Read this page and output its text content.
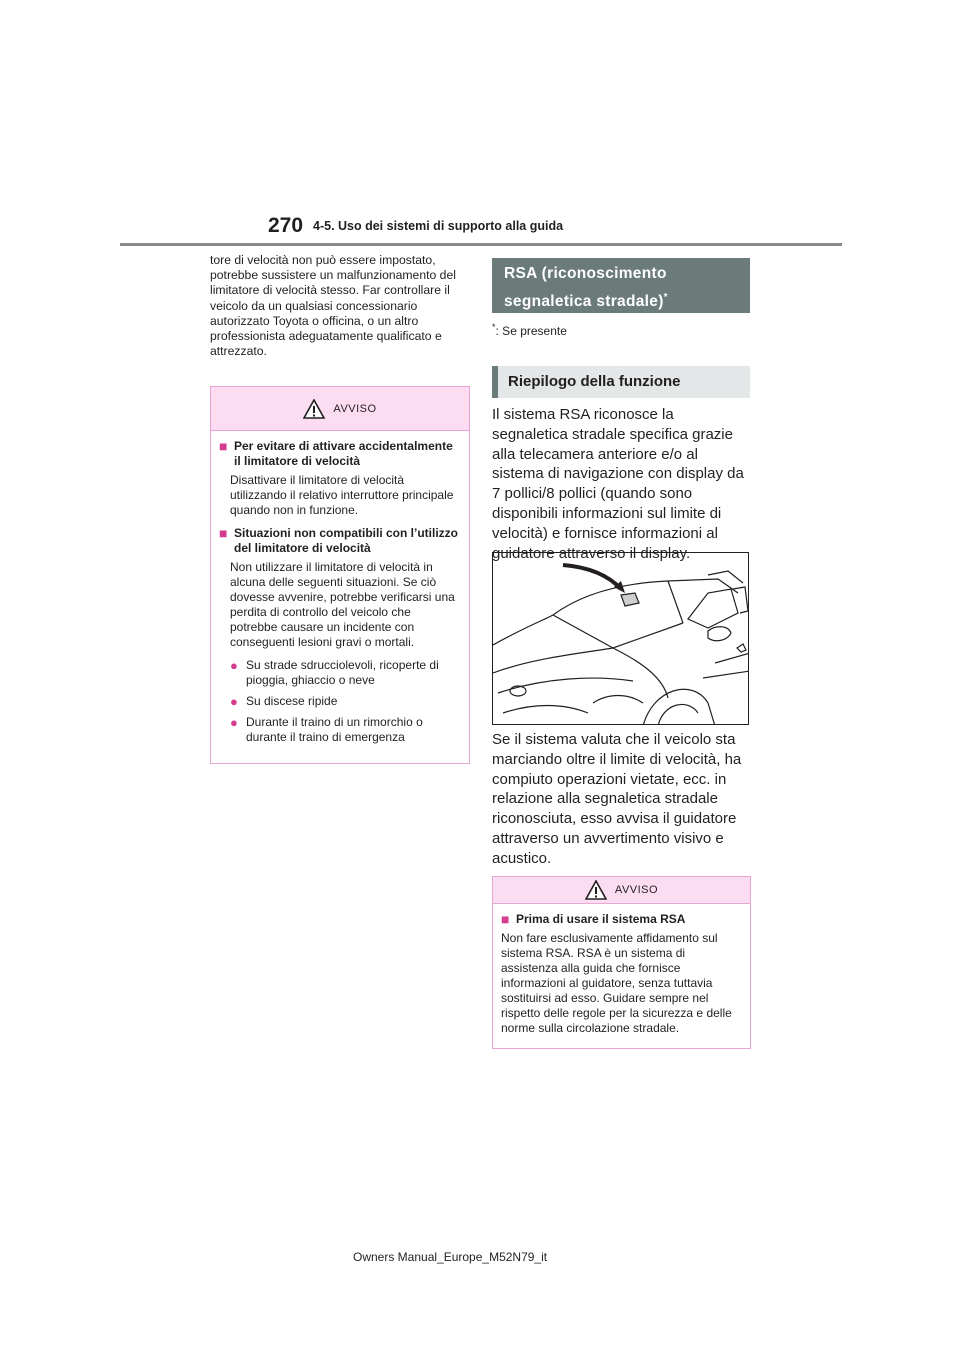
270 4-5. Uso dei sistemi di supporto alla guida

tore di velocità non può essere impostato, potrebbe sussistere un malfunzionamento del limitatore di velocità stesso. Far controllare il veicolo da un qualsiasi concessionario autorizzato Toyota o officina, o un altro professionista adeguatamente qualificato e attrezzato.

AVVISO
■ Per evitare di attivare accidentalmente il limitatore di velocità

Disattivare il limitatore di velocità utilizzando il relativo interruttore principale quando non in funzione.

■ Situazioni non compatibili con l’utilizzo del limitatore di velocità

Non utilizzare il limitatore di velocità in alcuna delle seguenti situazioni. Se ciò dovesse avvenire, potrebbe verificarsi una perdita di controllo del veicolo che potrebbe causare un incidente con conseguenti lesioni gravi o mortali.

● Su strade sdrucciolevoli, ricoperte di pioggia, ghiaccio o neve
● Su discese ripide
● Durante il traino di un rimorchio o durante il traino di emergenza
RSA (riconoscimento
segnaletica stradale)*
*: Se presente
Riepilogo della funzione

Il sistema RSA riconosce la segnaletica stradale specifica grazie alla telecamera anteriore e/o al sistema di navigazione con display da 7 pollici/8 pollici (quando sono disponibili informazioni sul limite di velocità) e fornisce informazioni al guidatore attraverso il display.

Se il sistema valuta che il veicolo sta marciando oltre il limite di velocità, ha compiuto operazioni vietate, ecc. in relazione alla segnaletica stradale riconosciuta, esso avvisa il guidatore attraverso un avvertimento visivo e acustico.

AVVISO
■ Prima di usare il sistema RSA

Non fare esclusivamente affidamento sul sistema RSA. RSA è un sistema di assistenza alla guida che fornisce informazioni al guidatore, senza tuttavia sostituirsi ad esso. Guidare sempre nel rispetto delle regole per la sicurezza e delle norme sulla circolazione stradale.

Owners Manual_Europe_M52N79_it
